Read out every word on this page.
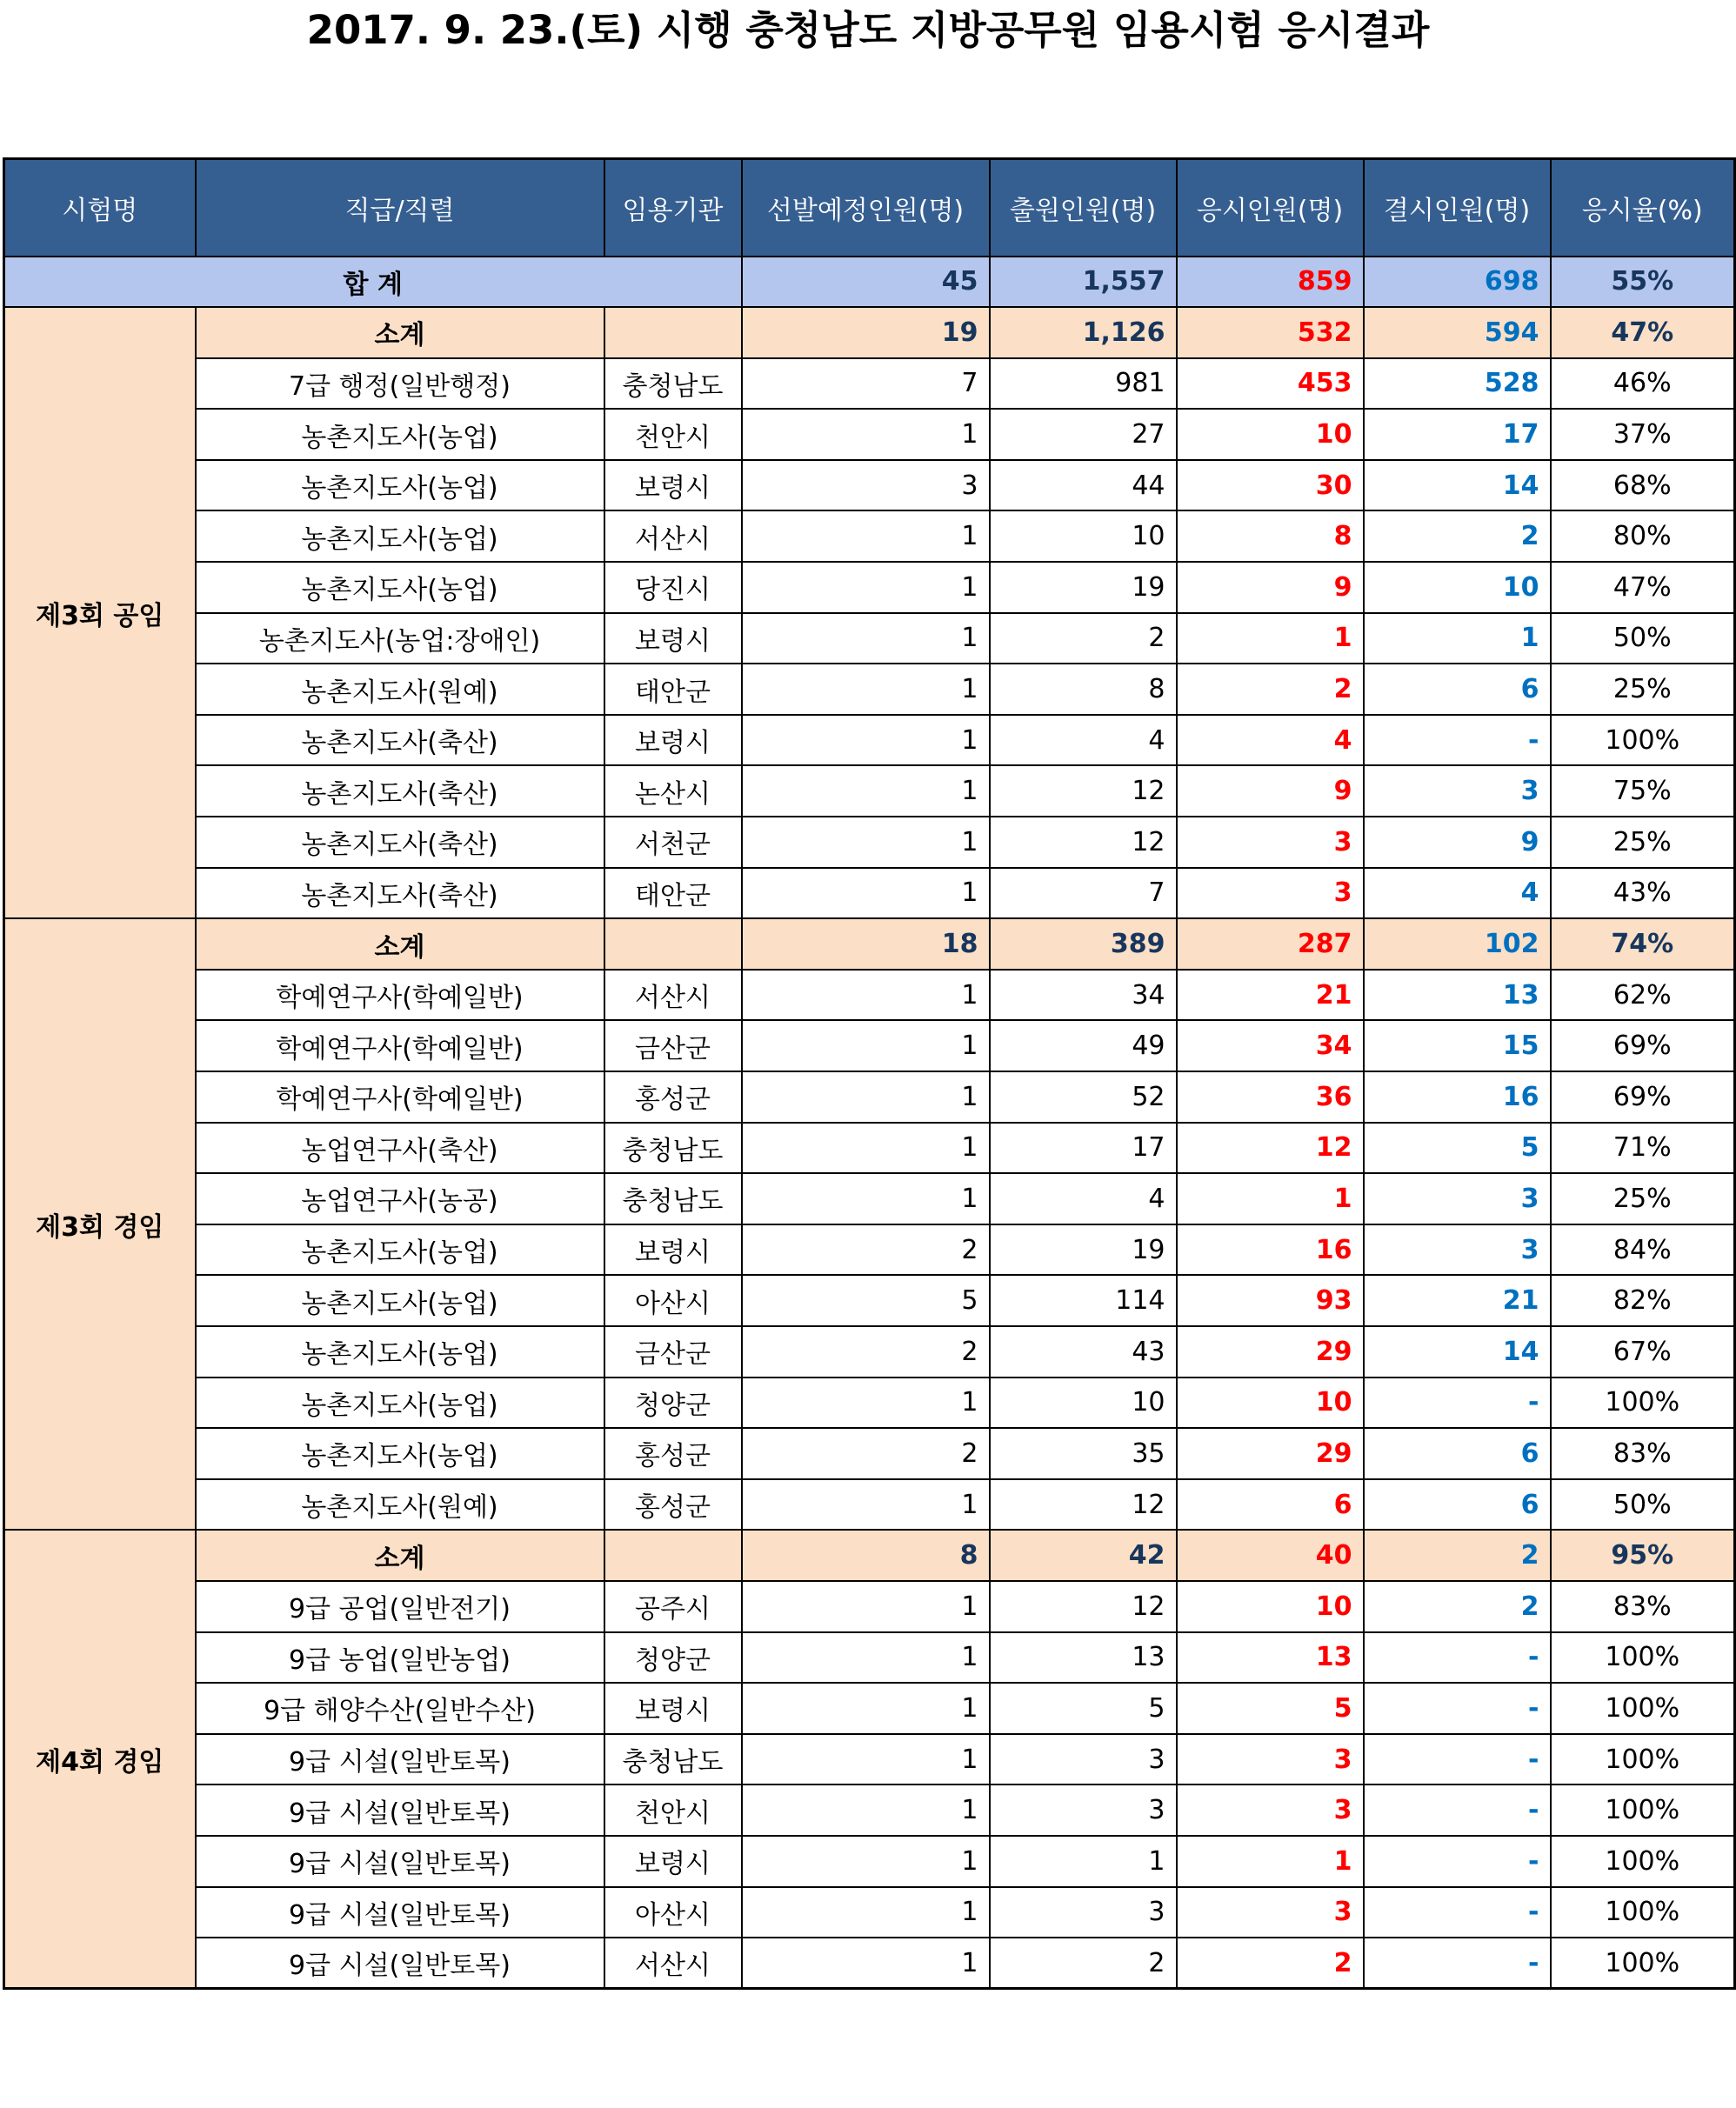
2017. 9. 23.(토) 시행 충청남도 지방공무원 임용시험 응시결과
시험명	직급/직렬	임용기관	선발예정인원(명)	출원인원(명)	응시인원(명)	결시인원(명)	응시율(%)
합 계			45	1,557	859	698	55%
제3회 공임	소계		19	1,126	532	594	47%
	7급 행정(일반행정)	충청남도	7	981	453	528	46%
	농촌지도사(농업)	천안시	1	27	10	17	37%
	농촌지도사(농업)	보령시	3	44	30	14	68%
	농촌지도사(농업)	서산시	1	10	8	2	80%
	농촌지도사(농업)	당진시	1	19	9	10	47%
	농촌지도사(농업:장애인)	보령시	1	2	1	1	50%
	농촌지도사(원예)	태안군	1	8	2	6	25%
	농촌지도사(축산)	보령시	1	4	4	-	100%
	농촌지도사(축산)	논산시	1	12	9	3	75%
	농촌지도사(축산)	서천군	1	12	3	9	25%
	농촌지도사(축산)	태안군	1	7	3	4	43%
제3회 경임	소계		18	389	287	102	74%
	학예연구사(학예일반)	서산시	1	34	21	13	62%
	학예연구사(학예일반)	금산군	1	49	34	15	69%
	학예연구사(학예일반)	홍성군	1	52	36	16	69%
	농업연구사(축산)	충청남도	1	17	12	5	71%
	농업연구사(농공)	충청남도	1	4	1	3	25%
	농촌지도사(농업)	보령시	2	19	16	3	84%
	농촌지도사(농업)	아산시	5	114	93	21	82%
	농촌지도사(농업)	금산군	2	43	29	14	67%
	농촌지도사(농업)	청양군	1	10	10	-	100%
	농촌지도사(농업)	홍성군	2	35	29	6	83%
	농촌지도사(원예)	홍성군	1	12	6	6	50%
제4회 경임	소계		8	42	40	2	95%
	9급 공업(일반전기)	공주시	1	12	10	2	83%
	9급 농업(일반농업)	청양군	1	13	13	-	100%
	9급 해양수산(일반수산)	보령시	1	5	5	-	100%
	9급 시설(일반토목)	충청남도	1	3	3	-	100%
	9급 시설(일반토목)	천안시	1	3	3	-	100%
	9급 시설(일반토목)	보령시	1	1	1	-	100%
	9급 시설(일반토목)	아산시	1	3	3	-	100%
	9급 시설(일반토목)	서산시	1	2	2	-	100%
